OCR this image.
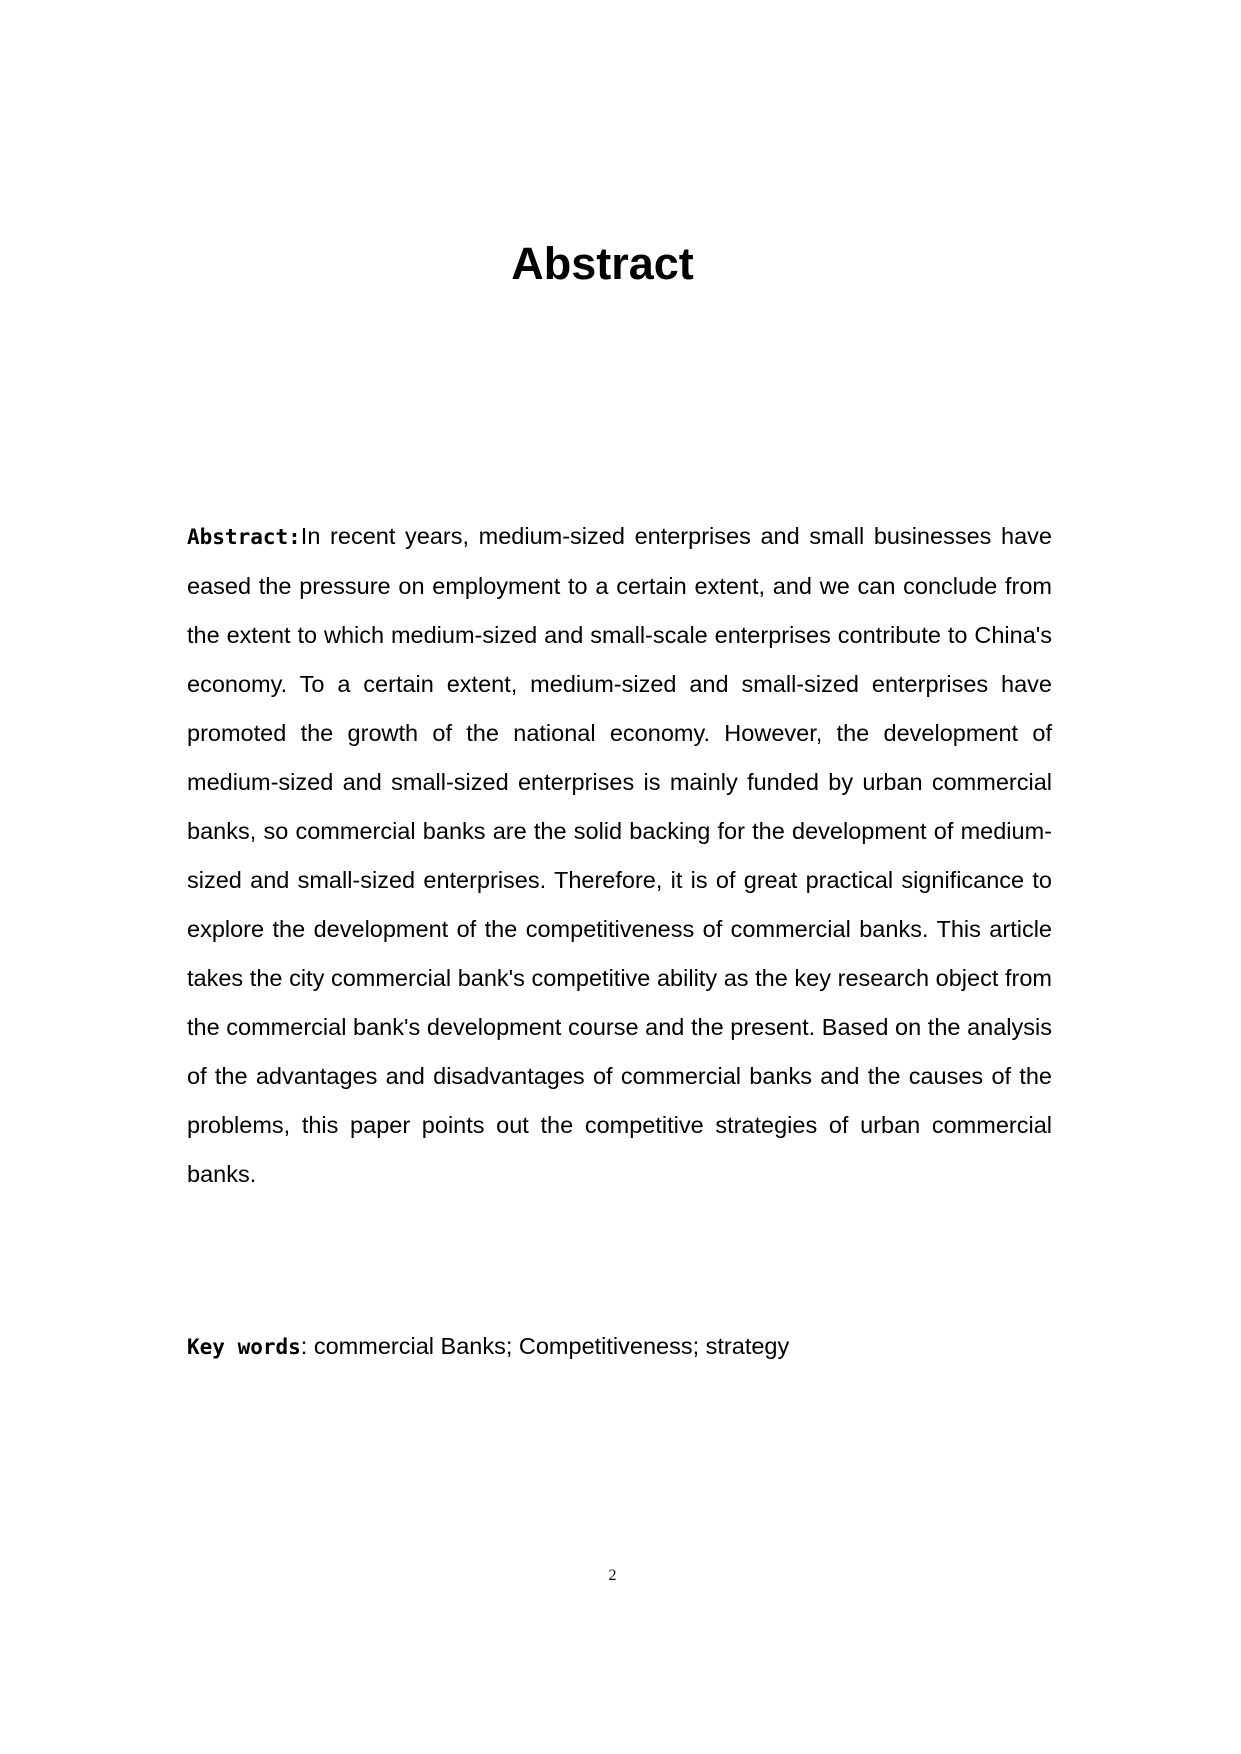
Abstract

Abstract:In recent years, medium-sized enterprises and small businesses have eased the pressure on employment to a certain extent, and we can conclude from the extent to which medium-sized and small-scale enterprises contribute to China's economy. To a certain extent, medium-sized and small-sized enterprises have promoted the growth of the national economy. However, the development of medium-sized and small-sized enterprises is mainly funded by urban commercial banks, so commercial banks are the solid backing for the development of medium-sized and small-sized enterprises. Therefore, it is of great practical significance to explore the development of the competitiveness of commercial banks. This article takes the city commercial bank's competitive ability as the key research object from the commercial bank's development course and the present. Based on the analysis of the advantages and disadvantages of commercial banks and the causes of the problems, this paper points out the competitive strategies of urban commercial banks.

Key words: commercial Banks; Competitiveness; strategy

2
